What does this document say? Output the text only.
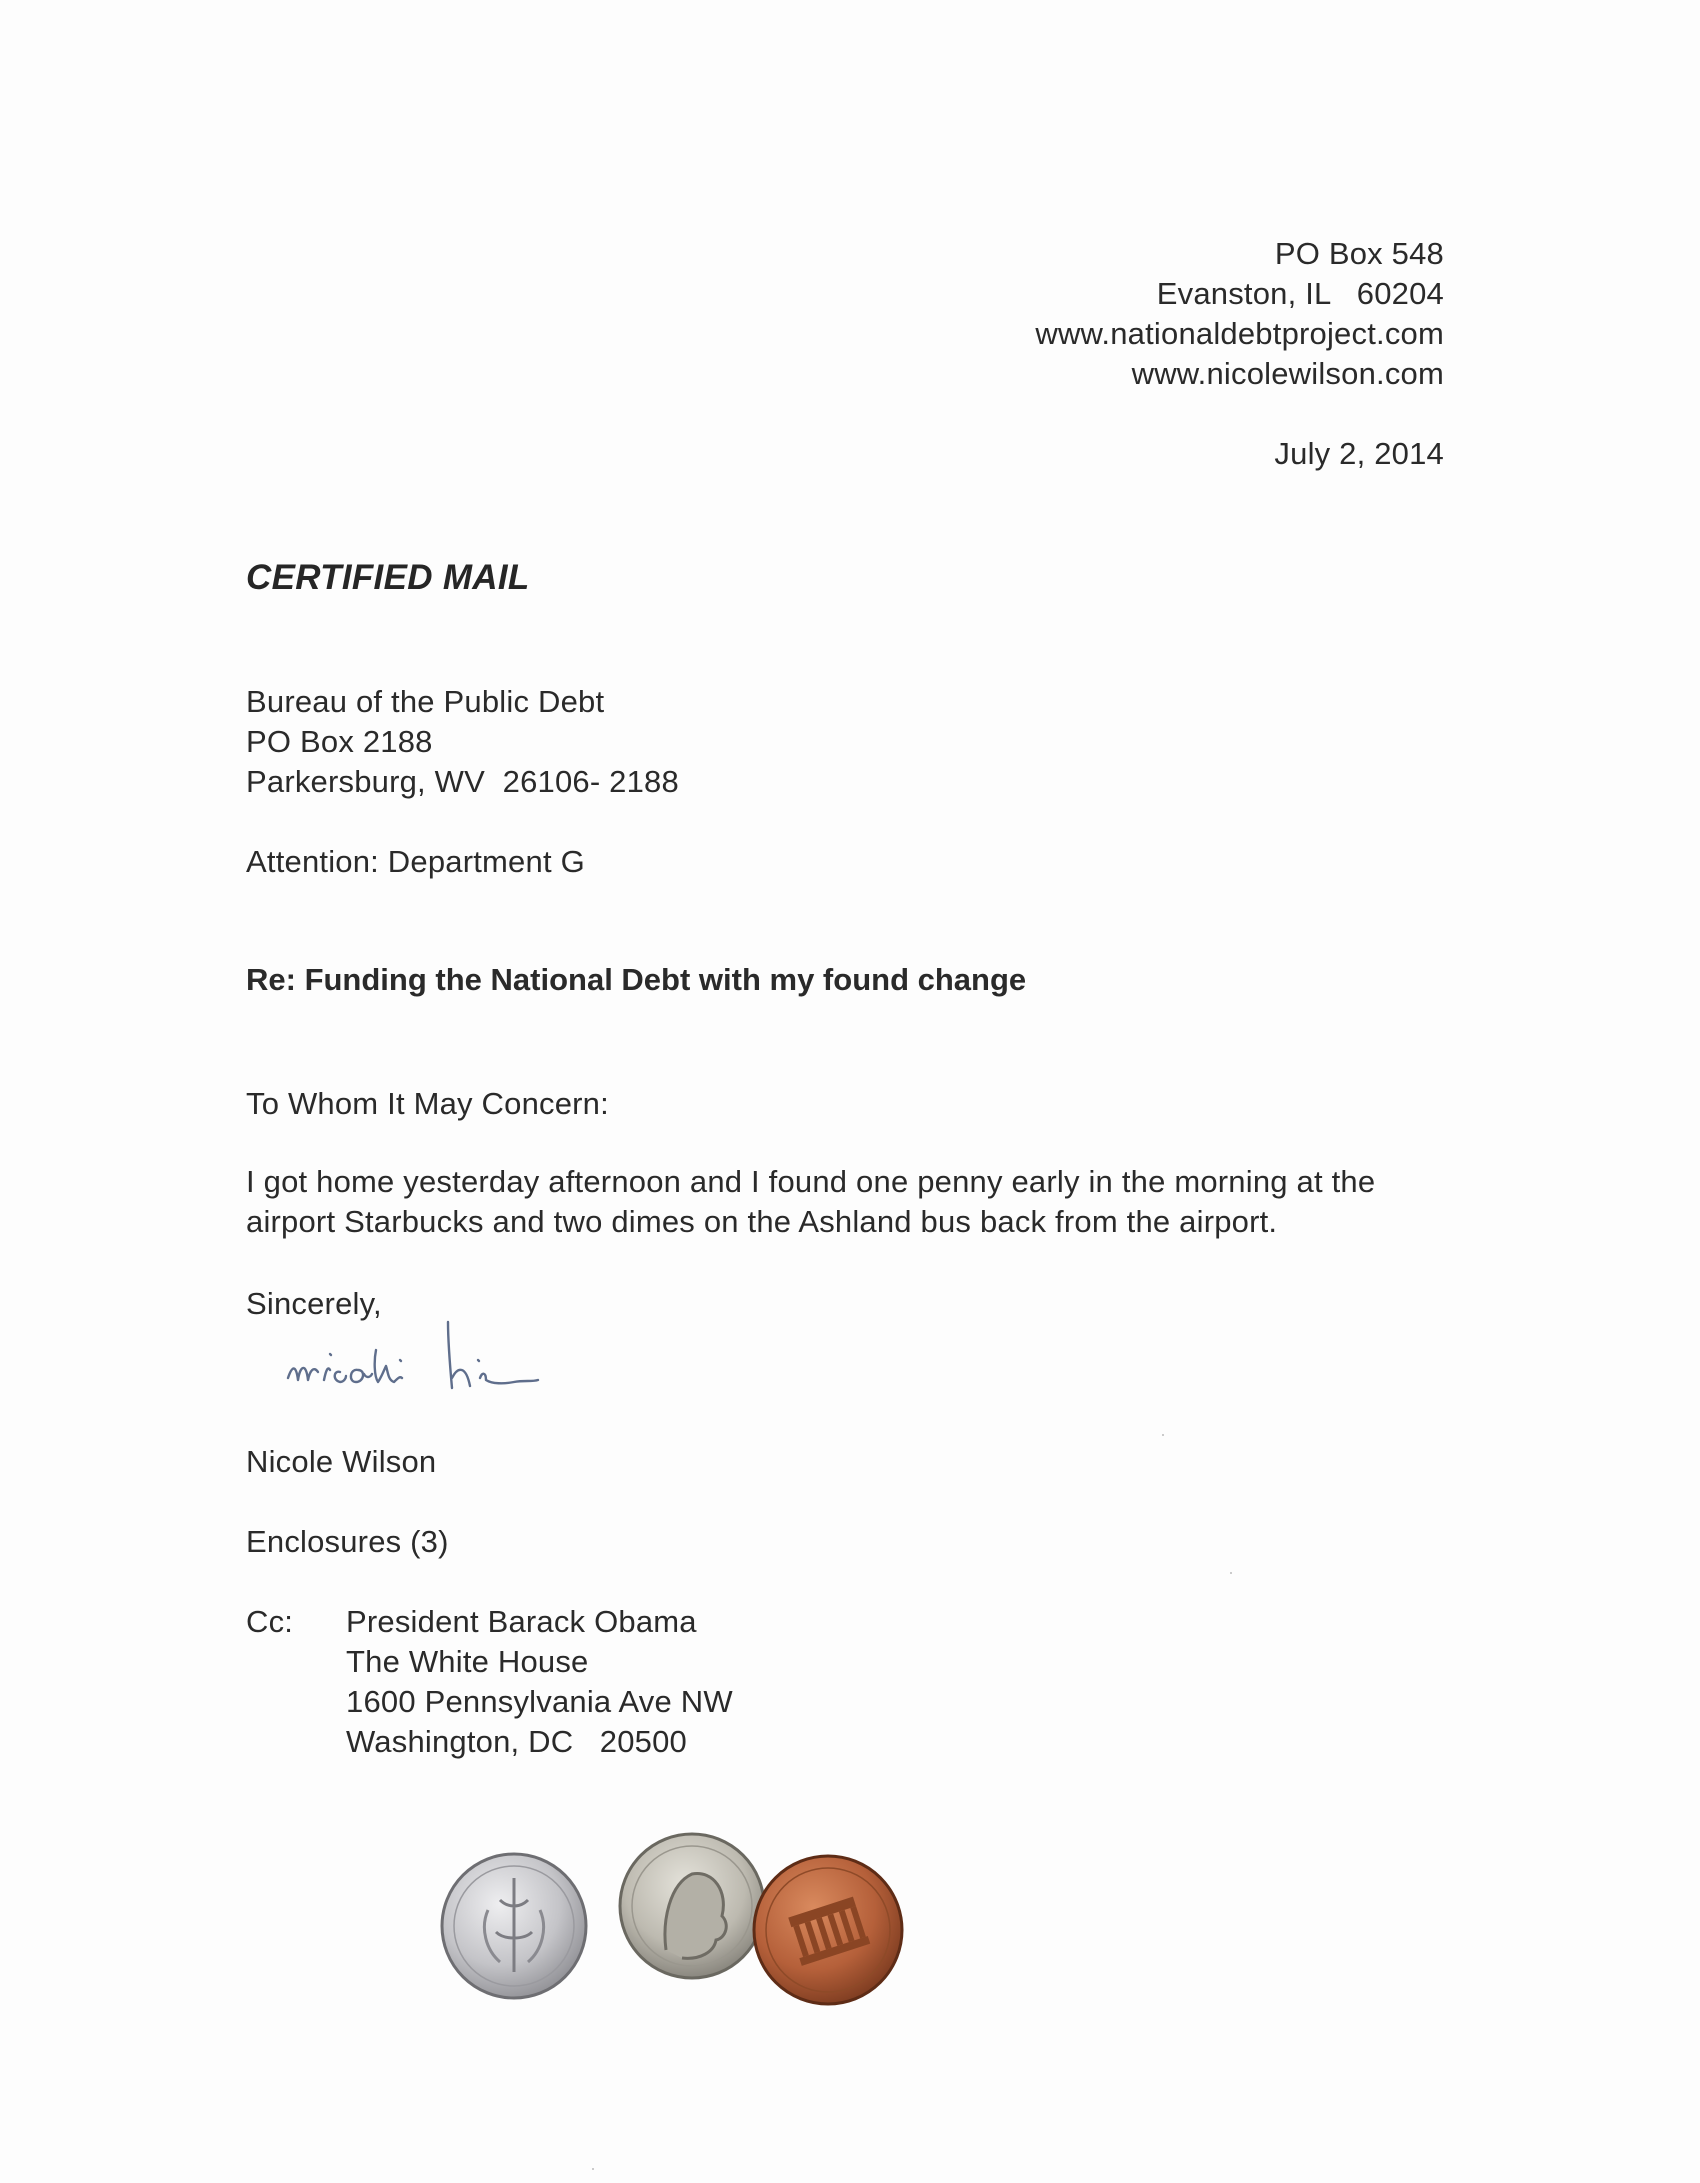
PO Box 548
Evanston, IL   60204
www.nationaldebtproject.com
www.nicolewilson.com
July 2, 2014
CERTIFIED MAIL
Bureau of the Public Debt
PO Box 2188
Parkersburg, WV  26106- 2188
Attention: Department G
Re: Funding the National Debt with my found change
To Whom It May Concern:
I got home yesterday afternoon and I found one penny early in the morning at the
airport Starbucks and two dimes on the Ashland bus back from the airport.
Sincerely,
Nicole Wilson
Enclosures (3)
Cc: President Barack Obama
The White House
1600 Pennsylvania Ave NW
Washington, DC   20500
